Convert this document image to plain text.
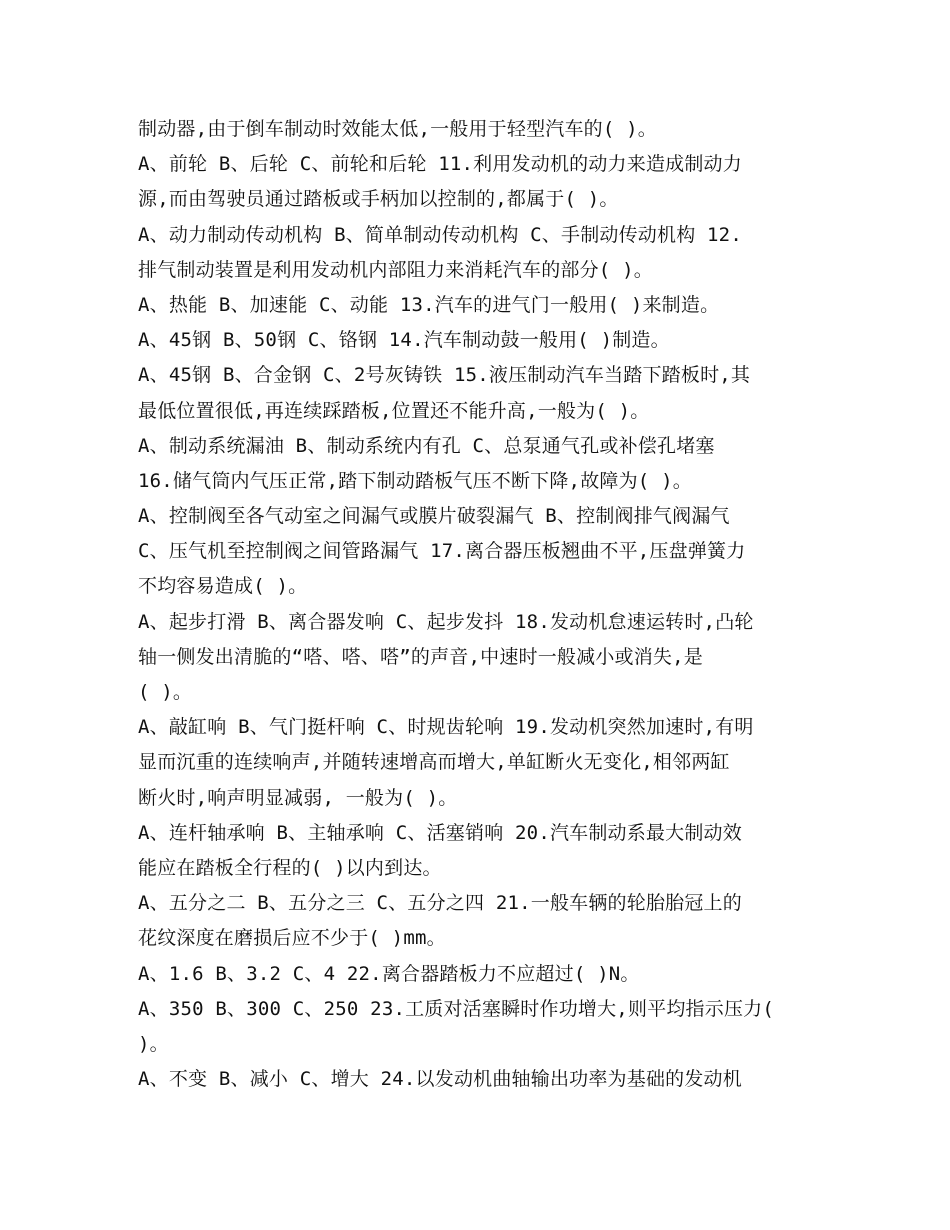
制动器,由于倒车制动时效能太低,一般用于轻型汽车的( )。
A、前轮 B、后轮 C、前轮和后轮 11.利用发动机的动力来造成制动力
源,而由驾驶员通过踏板或手柄加以控制的,都属于( )。
A、动力制动传动机构 B、简单制动传动机构 C、手制动传动机构 12.
排气制动装置是利用发动机内部阻力来消耗汽车的部分( )。
A、热能 B、加速能 C、动能 13.汽车的进气门一般用( )来制造。
A、45钢 B、50钢 C、铬钢 14.汽车制动鼓一般用( )制造。
A、45钢 B、合金钢 C、2号灰铸铁 15.液压制动汽车当踏下踏板时,其
最低位置很低,再连续踩踏板,位置还不能升高,一般为( )。
A、制动系统漏油 B、制动系统内有孔 C、总泵通气孔或补偿孔堵塞
16.储气筒内气压正常,踏下制动踏板气压不断下降,故障为( )。
A、控制阀至各气动室之间漏气或膜片破裂漏气 B、控制阀排气阀漏气
C、压气机至控制阀之间管路漏气 17.离合器压板翘曲不平,压盘弹簧力
不均容易造成( )。
A、起步打滑 B、离合器发响 C、起步发抖 18.发动机怠速运转时,凸轮
轴一侧发出清脆的“嗒、嗒、嗒”的声音,中速时一般减小或消失,是
( )。
A、敲缸响 B、气门挺杆响 C、时规齿轮响 19.发动机突然加速时,有明
显而沉重的连续响声,并随转速增高而增大,单缸断火无变化,相邻两缸
断火时,响声明显减弱, 一般为( )。
A、连杆轴承响 B、主轴承响 C、活塞销响 20.汽车制动系最大制动效
能应在踏板全行程的( )以内到达。
A、五分之二 B、五分之三 C、五分之四 21.一般车辆的轮胎胎冠上的
花纹深度在磨损后应不少于( )mm。
A、1.6 B、3.2 C、4 22.离合器踏板力不应超过( )N。
A、350 B、300 C、250 23.工质对活塞瞬时作功增大,则平均指示压力(
)。
A、不变 B、减小 C、增大 24.以发动机曲轴输出功率为基础的发动机
